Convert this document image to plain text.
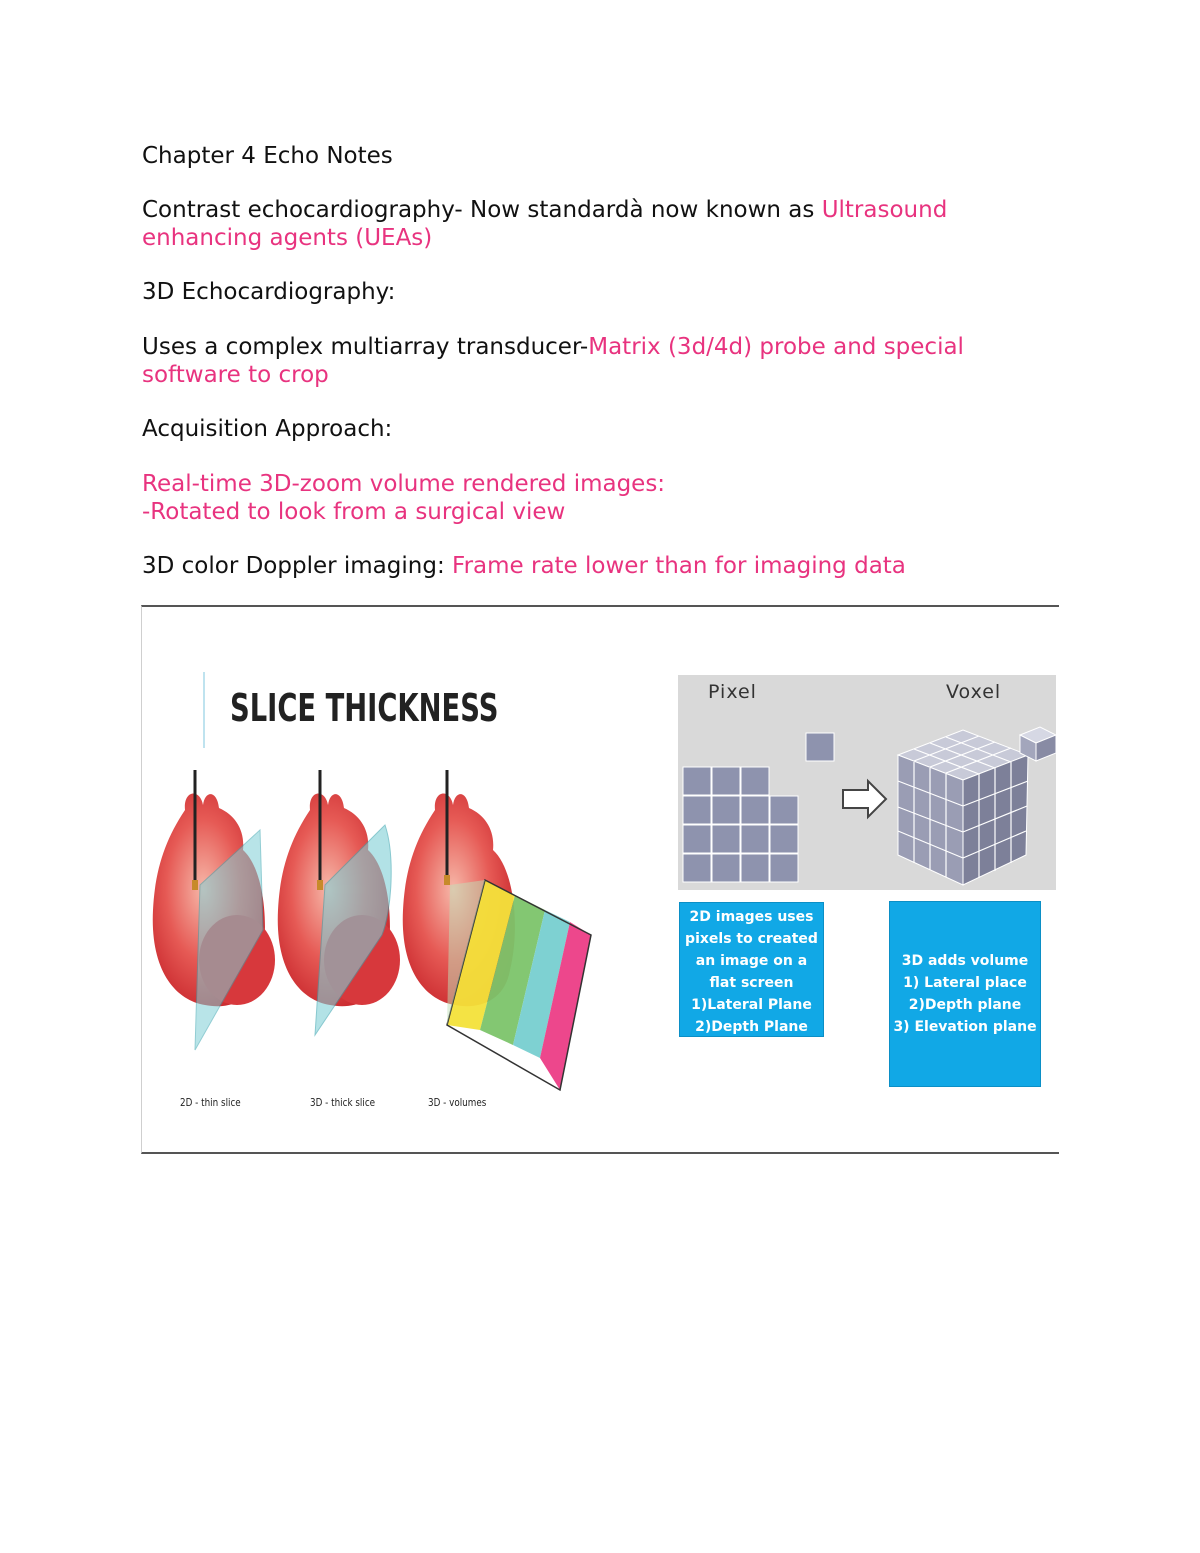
Chapter 4 Echo Notes
Contrast echocardiography- Now standardà now known as Ultrasound
enhancing agents (UEAs)
3D Echocardiography:
Uses a complex multiarray transducer-Matrix (3d/4d) probe and special
software to crop
Acquisition Approach:
Real-time 3D-zoom volume rendered images:
-Rotated to look from a surgical view
3D color Doppler imaging: Frame rate lower than for imaging data
SLICE THICKNESS
2D - thin slice	3D - thick slice	3D - volumes
Pixel	Voxel
2D images uses
pixels to created
an image on a
flat screen
1)Lateral Plane
2)Depth Plane
3D adds volume
1) Lateral place
2)Depth plane
3) Elevation plane
